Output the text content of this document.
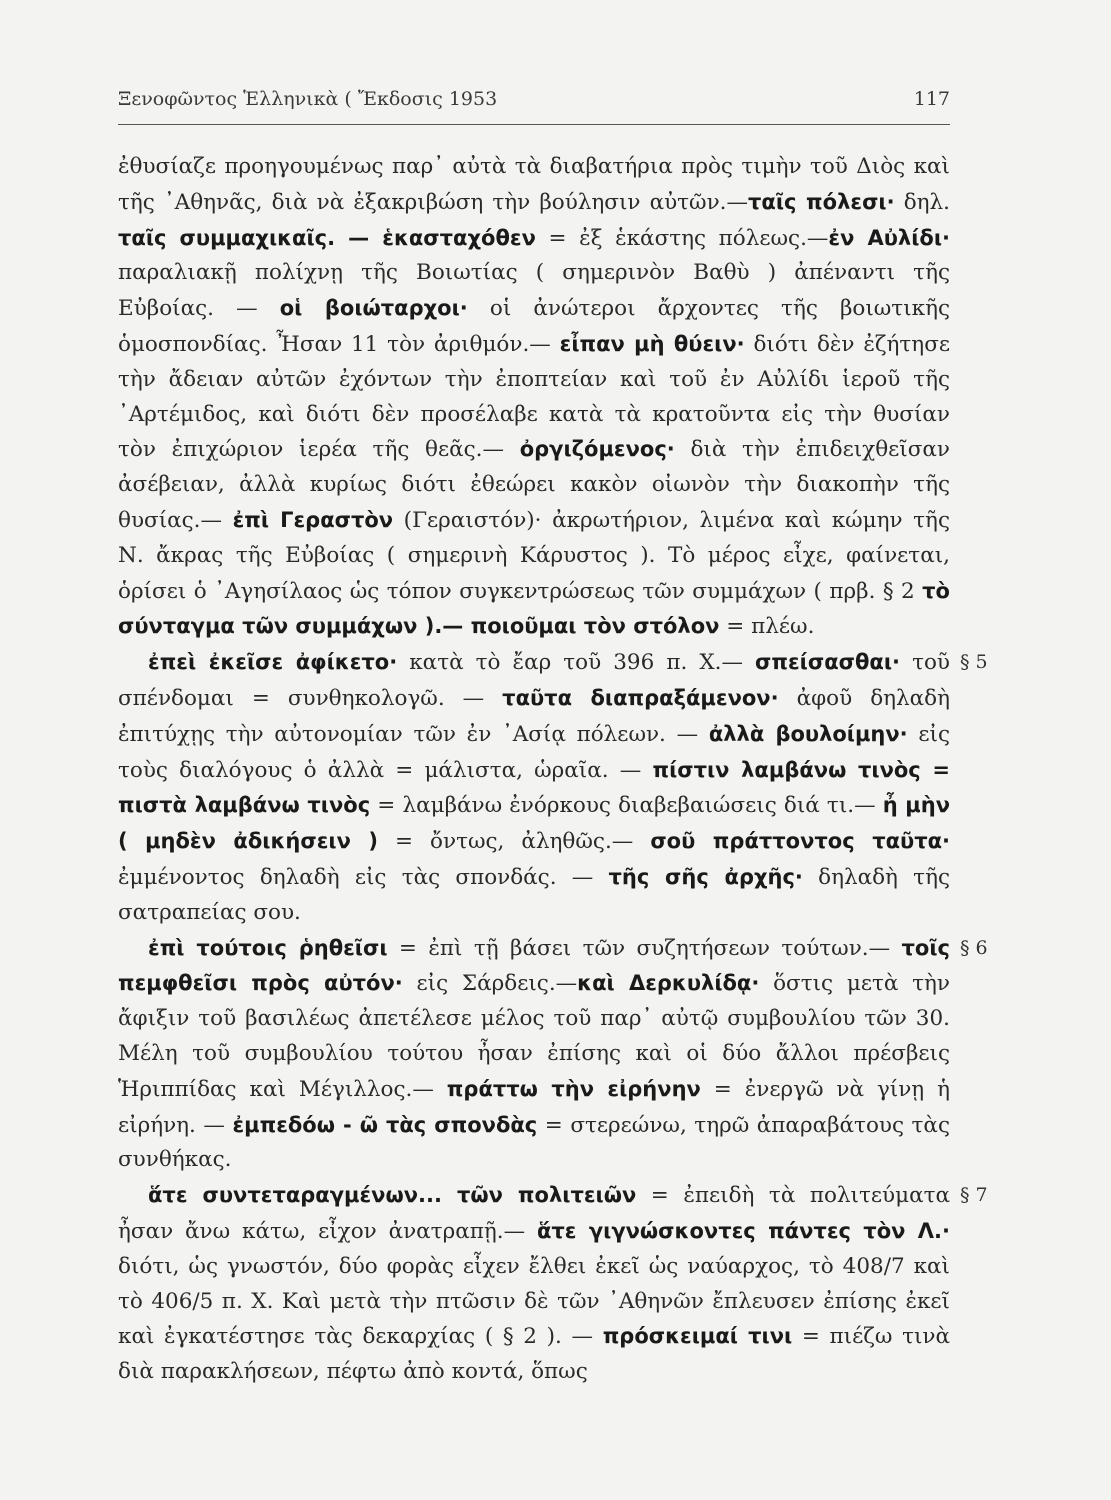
Ξενοφῶντος Ἑλληνικὰ ( Ἔκδοσις 1953	117

ἐθυσίαζε προηγουμένως παρ᾽ αὐτὰ τὰ διαβατήρια πρὸς τιμὴν τοῦ Διὸς καὶ τῆς ᾽Αθηνᾶς, διὰ νὰ ἐξακριβώση τὴν βούλησιν αὐτῶν.—ταῖς πόλεσι· δηλ. ταῖς συμμαχικαῖς. — ἑκασταχόθεν = ἐξ ἑκάστης πόλεως.—ἐν Αὐλίδι· παραλιακῇ πολίχνῃ τῆς Βοιωτίας ( σημερινὸν Βαθὺ ) ἀπέναντι τῆς Εὐβοίας. — οἱ βοιώταρχοι· οἱ ἀνώτεροι ἄρχοντες τῆς βοιωτικῆς ὁμοσπονδίας. Ἦσαν 11 τὸν ἀριθμόν.— εἶπαν μὴ θύειν· διότι δὲν ἐζήτησε τὴν ἄδειαν αὐτῶν ἐχόντων τὴν ἐποπτείαν καὶ τοῦ ἐν Αὐλίδι ἱεροῦ τῆς ᾽Αρτέμιδος, καὶ διότι δὲν προσέλαβε κατὰ τὰ κρατοῦντα εἰς τὴν θυσίαν τὸν ἐπιχώριον ἱερέα τῆς θεᾶς.— ὀργιζόμενος· διὰ τὴν ἐπιδειχθεῖσαν ἀσέβειαν, ἀλλὰ κυρίως διότι ἐθεώρει κακὸν οἰωνὸν τὴν διακοπὴν τῆς θυσίας.— ἐπὶ Γεραστὸν (Γεραιστόν)· ἀκρωτήριον, λιμένα καὶ κώμην τῆς Ν. ἄκρας τῆς Εὐβοίας ( σημερινὴ Κάρυστος ). Τὸ μέρος εἶχε, φαίνεται, ὁρίσει ὁ ᾽Αγησίλαος ὡς τόπον συγκεντρώσεως τῶν συμμάχων ( πρβ. § 2 τὸ σύνταγμα τῶν συμμάχων ).— ποιοῦμαι τὸν στόλον = πλέω.

§ 5
ἐπεὶ ἐκεῖσε ἀφίκετο· κατὰ τὸ ἔαρ τοῦ 396 π. Χ.— σπείσασθαι· τοῦ σπένδομαι = συνθηκολογῶ. — ταῦτα διαπραξάμενον· ἀφοῦ δηλαδὴ ἐπιτύχῃς τὴν αὐτονομίαν τῶν ἐν ᾽Ασίᾳ πόλεων. — ἀλλὰ βουλοίμην· εἰς τοὺς διαλόγους ὁ ἀλλὰ = μάλιστα, ὡραῖα. — πίστιν λαμβάνω τινὸς = πιστὰ λαμβάνω τινὸς = λαμβάνω ἐνόρκους διαβεβαιώσεις διά τι.— ἦ μὴν ( μηδὲν ἀδικήσειν ) = ὄντως, ἀληθῶς.— σοῦ πράττοντος ταῦτα· ἐμμένοντος δηλαδὴ εἰς τὰς σπονδάς. — τῆς σῆς ἀρχῆς· δηλαδὴ τῆς σατραπείας σου.

§ 6
ἐπὶ τούτοις ῥηθεῖσι = ἐπὶ τῇ βάσει τῶν συζητήσεων τούτων.— τοῖς πεμφθεῖσι πρὸς αὐτόν· εἰς Σάρδεις.—καὶ Δερκυλίδᾳ· ὅστις μετὰ τὴν ἄφιξιν τοῦ βασιλέως ἀπετέλεσε μέλος τοῦ παρ᾽ αὐτῷ συμβουλίου τῶν 30. Μέλη τοῦ συμβουλίου τούτου ἦσαν ἐπίσης καὶ οἱ δύο ἄλλοι πρέσβεις Ἡριππίδας καὶ Μέγιλλος.— πράττω τὴν εἰρήνην = ἐνεργῶ νὰ γίνῃ ἡ εἰρήνη. — ἐμπεδόω - ῶ τὰς σπονδὰς = στερεώνω, τηρῶ ἀπαραβάτους τὰς συνθήκας.

§ 7
ἅτε συντεταραγμένων... τῶν πολιτειῶν = ἐπειδὴ τὰ πολιτεύματα ἦσαν ἄνω κάτω, εἶχον ἀνατραπῇ.— ἅτε γιγνώσκοντες πάντες τὸν Λ.· διότι, ὡς γνωστόν, δύο φορὰς εἶχεν ἔλθει ἐκεῖ ὡς ναύαρχος, τὸ 408/7 καὶ τὸ 406/5 π. Χ. Καὶ μετὰ τὴν πτῶσιν δὲ τῶν ᾽Αθηνῶν ἔπλευσεν ἐπίσης ἐκεῖ καὶ ἐγκατέστησε τὰς δεκαρχίας ( § 2 ). — πρόσκειμαί τινι = πιέζω τινὰ διὰ παρακλήσεων, πέφτω ἀπὸ κοντά, ὅπως
